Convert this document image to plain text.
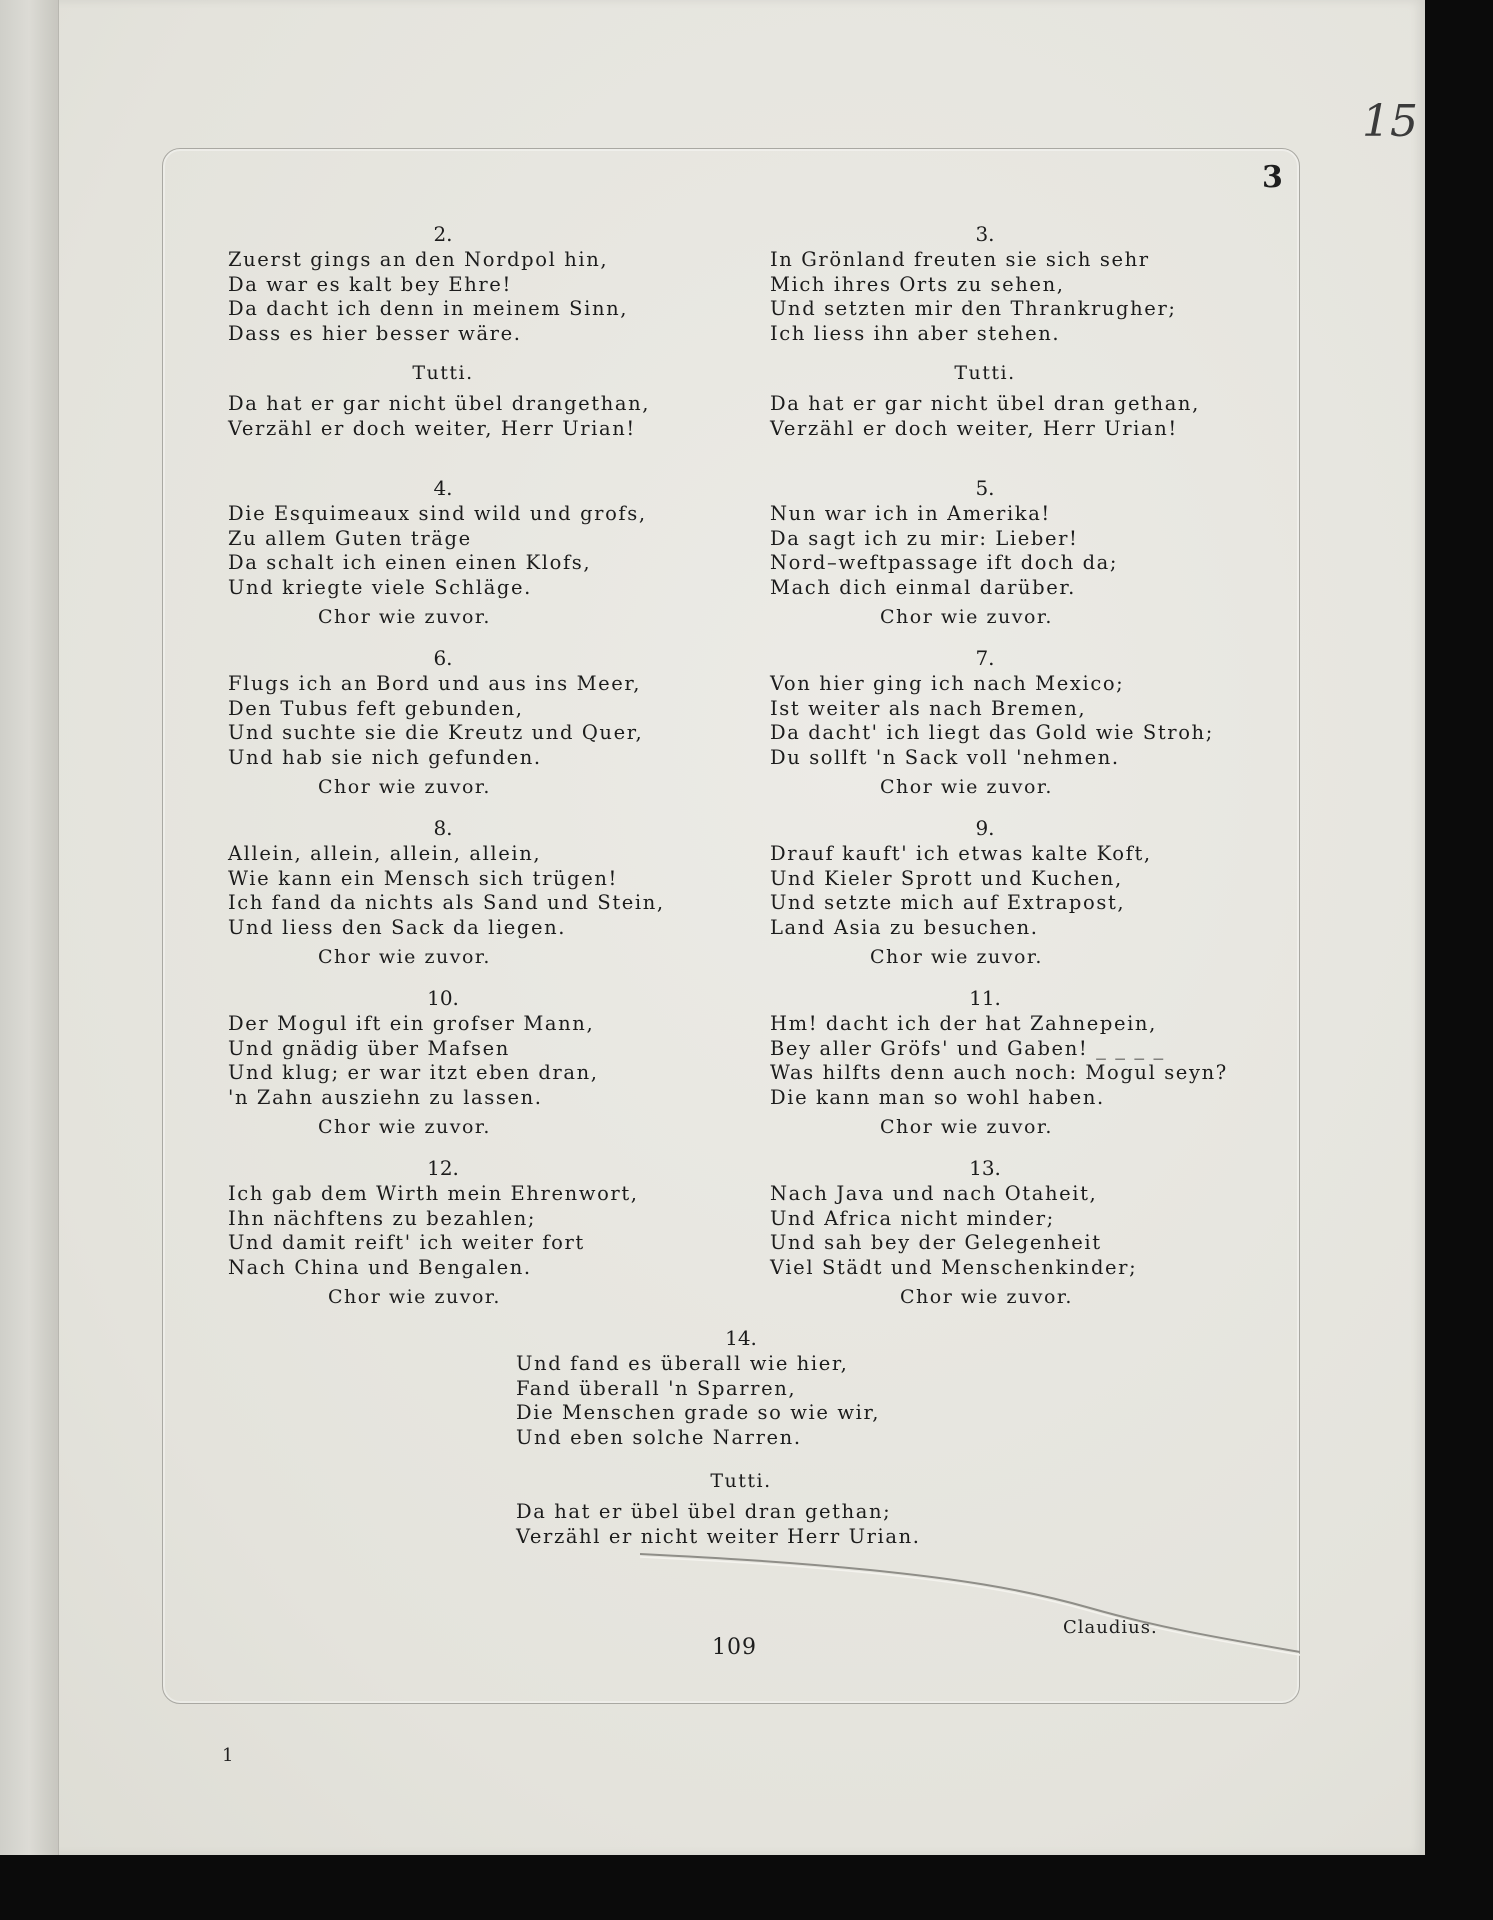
15
3
2.
Zuerst gings an den Nordpol hin,
Da war es kalt bey Ehre!
Da dacht ich denn in meinem Sinn,
Dass es hier besser wäre.
Tutti.
Da hat er gar nicht übel drangethan,
Verzähl er doch weiter, Herr Urian!
4.
Die Esquimeaux sind wild und grofs,
Zu allem Guten träge
Da schalt ich einen einen Klofs,
Und kriegte viele Schläge.
Chor wie zuvor.
6.
Flugs ich an Bord und aus ins Meer,
Den Tubus feft gebunden,
Und suchte sie die Kreutz und Quer,
Und hab sie nich gefunden.
Chor wie zuvor.
8.
Allein, allein, allein, allein,
Wie kann ein Mensch sich trügen!
Ich fand da nichts als Sand und Stein,
Und liess den Sack da liegen.
Chor wie zuvor.
10.
Der Mogul ift ein grofser Mann,
Und gnädig über Mafsen
Und klug; er war itzt eben dran,
'n Zahn ausziehn zu lassen.
Chor wie zuvor.
12.
Ich gab dem Wirth mein Ehrenwort,
Ihn nächftens zu bezahlen;
Und damit reift' ich weiter fort
Nach China und Bengalen.
Chor wie zuvor.
3.
In Grönland freuten sie sich sehr
Mich ihres Orts zu sehen,
Und setzten mir den Thrankrugher;
Ich liess ihn aber stehen.
Tutti.
Da hat er gar nicht übel dran gethan,
Verzähl er doch weiter, Herr Urian!
5.
Nun war ich in Amerika!
Da sagt ich zu mir: Lieber!
Nord–weftpassage ift doch da;
Mach dich einmal darüber.
Chor wie zuvor.
7.
Von hier ging ich nach Mexico;
Ist weiter als nach Bremen,
Da dacht' ich liegt das Gold wie Stroh;
Du sollft 'n Sack voll 'nehmen.
Chor wie zuvor.
9.
Drauf kauft' ich etwas kalte Koft,
Und Kieler Sprott und Kuchen,
Und setzte mich auf Extrapost,
Land Asia zu besuchen.
Chor wie zuvor.
11.
Hm! dacht ich der hat Zahnepein,
Bey aller Gröfs' und Gaben! _ _ _ _
Was hilfts denn auch noch: Mogul seyn?
Die kann man so wohl haben.
Chor wie zuvor.
13.
Nach Java und nach Otaheit,
Und Africa nicht minder;
Und sah bey der Gelegenheit
Viel Städt und Menschenkinder;
Chor wie zuvor.
14.
Und fand es überall wie hier,
Fand überall 'n Sparren,
Die Menschen grade so wie wir,
Und eben solche Narren.
Tutti.
Da hat er übel übel dran gethan;
Verzähl er nicht weiter Herr Urian.
Claudius.
109
1
